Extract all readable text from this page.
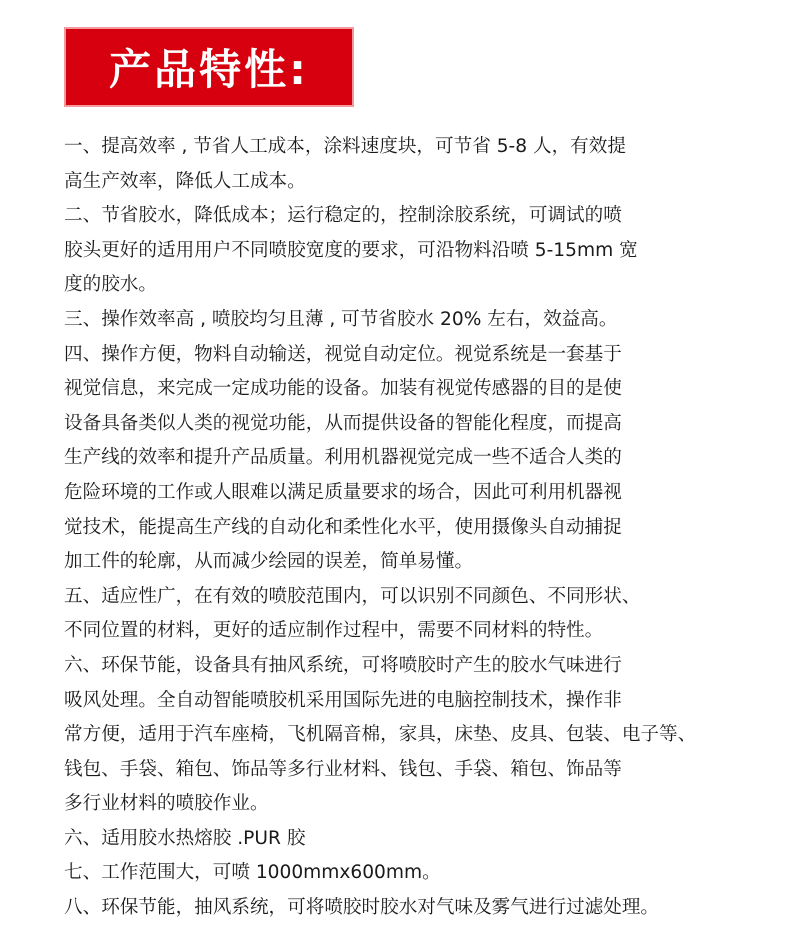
产品特性:
一、提高效率 , 节省人工成本，涂料速度块，可节省 5-8 人，有效提
高生产效率，降低人工成本。
二、节省胶水，降低成本；运行稳定的，控制涂胶系统，可调试的喷
胶头更好的适用用户不同喷胶宽度的要求，可沿物料沿喷 5-15mm 宽
度的胶水。
三、操作效率高 , 喷胶均匀且薄 , 可节省胶水 20% 左右，效益高。
四、操作方便，物料自动输送，视觉自动定位。视觉系统是一套基于
视觉信息，来完成一定成功能的设备。加装有视觉传感器的目的是使
设备具备类似人类的视觉功能，从而提供设备的智能化程度，而提高
生产线的效率和提升产品质量。利用机器视觉完成一些不适合人类的
危险环境的工作或人眼难以满足质量要求的场合，因此可利用机器视
觉技术，能提高生产线的自动化和柔性化水平，使用摄像头自动捕捉
加工件的轮廓，从而减少绘园的误差，简单易懂。
五、适应性广，在有效的喷胶范围内，可以识别不同颜色、不同形状、
不同位置的材料，更好的适应制作过程中，需要不同材料的特性。
六、环保节能，设备具有抽风系统，可将喷胶时产生的胶水气味进行
吸风处理。全自动智能喷胶机采用国际先进的电脑控制技术，操作非
常方便，适用于汽车座椅，飞机隔音棉，家具，床垫、皮具、包装、电子等、
钱包、手袋、箱包、饰品等多行业材料、钱包、手袋、箱包、饰品等
多行业材料的喷胶作业。
六、适用胶水热熔胶 .PUR 胶
七、工作范围大，可喷 1000mmx600mm。
八、环保节能，抽风系统，可将喷胶时胶水对气味及雾气进行过滤处理。
